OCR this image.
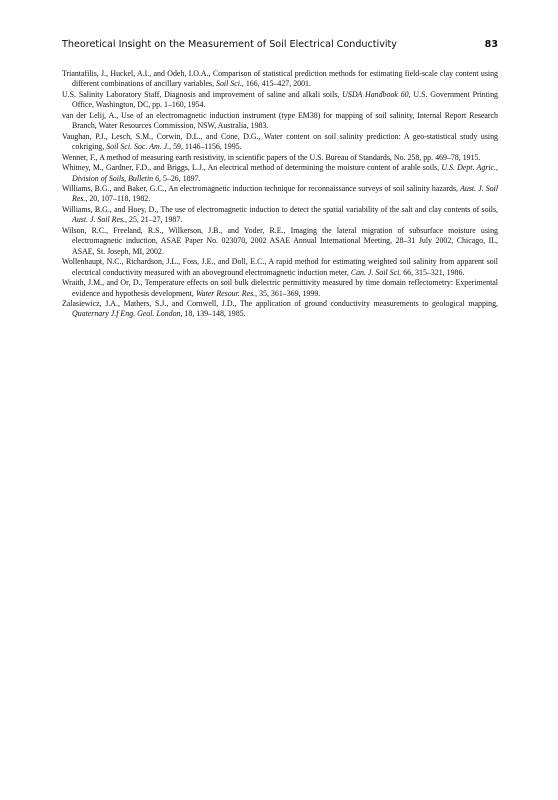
Theoretical Insight on the Measurement of Soil Electrical Conductivity	83

Triantafilis, J., Huckel, A.I., and Odeh, I.O.A., Comparison of statistical prediction methods for estimating field-scale clay content using different combinations of ancillary variables, Soil Sci., 166, 415–427, 2001.

U.S. Salinity Laboratory Staff, Diagnosis and improvement of saline and alkali soils, USDA Handbook 60, U.S. Government Printing Office, Washington, DC, pp. 1–160, 1954.

van der Lelij, A., Use of an electromagnetic induction instrument (type EM38) for mapping of soil salinity, Internal Report Research Branch, Water Resources Commission, NSW, Australia, 1983.

Vaughan, P.J., Lesch, S.M., Corwin, D.L., and Cone, D.G., Water content on soil salinity prediction: A geo-statistical study using cokriging, Soil Sci. Soc. Am. J., 59, 1146–1156, 1995.

Wenner, F., A method of measuring earth resistivity, in scientific papers of the U.S. Bureau of Standards, No. 258, pp. 469–78, 1915.

Whitney, M., Gardner, F.D., and Briggs, L.J., An electrical method of determining the moisture content of arable soils, U.S. Dept. Agric., Division of Soils, Bulletin 6, 5–26, 1897.

Williams, B.G., and Baker, G.C., An electromagnetic induction technique for reconnaissance surveys of soil salinity hazards, Aust. J. Soil Res., 20, 107–118, 1982.

Williams, B.G., and Hoey, D., The use of electromagnetic induction to detect the spatial variability of the salt and clay contents of soils, Aust. J. Soil Res., 25, 21–27, 1987.

Wilson, R.C., Freeland, R.S., Wilkerson, J.B., and Yoder, R.E., Imaging the lateral migration of subsurface moisture using electromagnetic induction, ASAE Paper No. 023070, 2002 ASAE Annual International Meeting, 28–31 July 2002, Chicago, IL, ASAE, St. Joseph, MI, 2002.

Wollenhaupt, N.C., Richardson, J.L., Foss, J.E., and Doll, E.C., A rapid method for estimating weighted soil salinity from apparent soil electrical conductivity measured with an aboveground electromagnetic induction meter, Can. J. Soil Sci. 66, 315–321, 1986.

Wraith, J.M., and Or, D., Temperature effects on soil bulk dielectric permittivity measured by time domain reflectometry: Experimental evidence and hypothesis development, Water Resour. Res., 35, 361–369, 1999.

Zalasiewicz, J.A., Mathers, S.J., and Cornwell, J.D., The application of ground conductivity measurements to geological mapping, Quaternary J.f Eng. Geol. London, 18, 139–148, 1985.
